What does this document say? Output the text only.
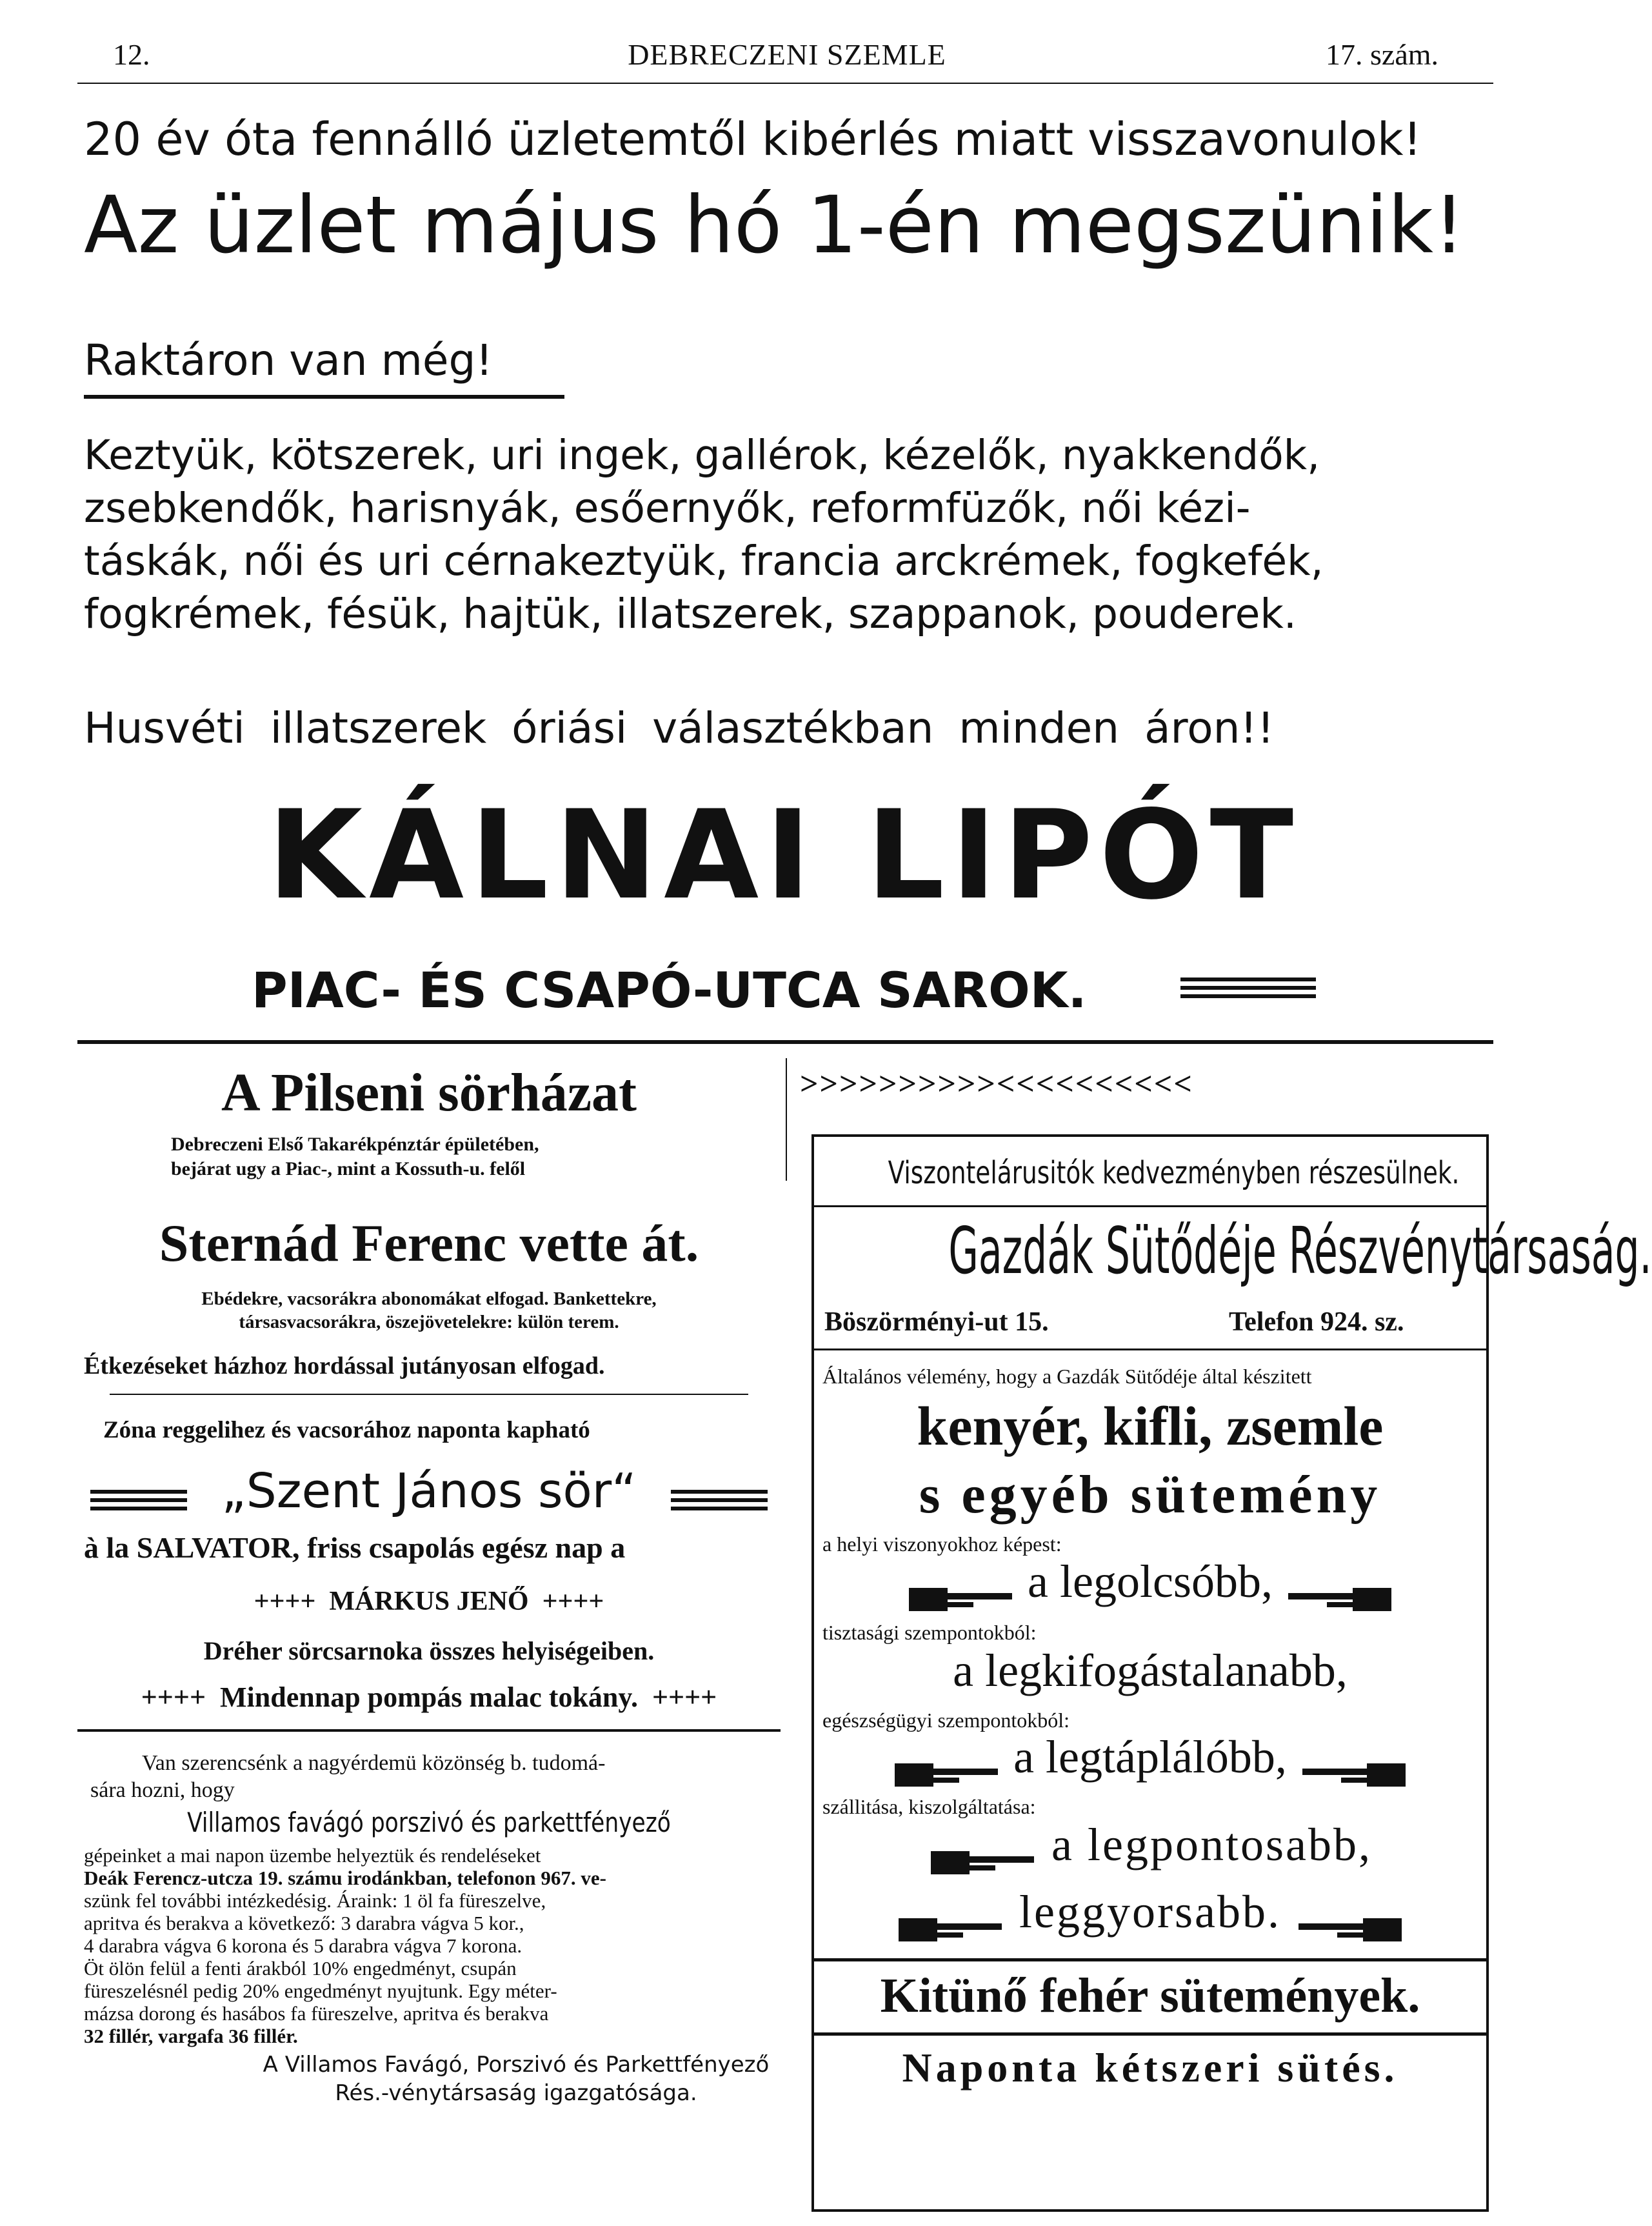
12.	DEBRECZENI SZEMLE	17. szám.
20 év óta fennálló üzletemtől kibérlés miatt visszavonulok!
Az üzlet május hó 1-én megszünik!
Raktáron van még!
Keztyük, kötszerek, uri ingek, gallérok, kézelők, nyakkendők,
zsebkendők, harisnyák, esőernyők, reformfüzők, női kézi-
táskák, női és uri cérnakeztyük, francia arckrémek, fogkefék,
fogkrémek, fésük, hajtük, illatszerek, szappanok, pouderek.
Husvéti illatszerek óriási választékban minden áron!!
KÁLNAI LIPÓT
PIAC- ÉS CSAPÓ-UTCA SAROK.
A Pilseni sörházat
Debreczeni Első Takarékpénztár épületében,
bejárat ugy a Piac-, mint a Kossuth-u. felől
Sternád Ferenc vette át.
Ebédekre, vacsorákra abonomákat elfogad. Bankettekre,
társasvacsorákra, öszejövetelekre: külön terem.
Étkezéseket házhoz hordással jutányosan elfogad.
Zóna reggelihez és vacsorához naponta kapható
„Szent János sör“
à la SALVATOR, friss csapolás egész nap a
++++ MÁRKUS JENŐ ++++
Dréher sörcsarnoka összes helyiségeiben.
++++ Mindennap pompás malac tokány. ++++
Van szerencsénk a nagyérdemü közönség b. tudomá-
sára hozni, hogy
Villamos favágó porszivó és parkettfényező
gépeinket a mai napon üzembe helyeztük és rendeléseket
Deák Ferencz-utcza 19. számu irodánkban, telefonon 967. ve-
szünk fel további intézkedésig. Áraink: 1 öl fa füreszelve,
apritva és berakva a következő: 3 darabra vágva 5 kor.,
4 darabra vágva 6 korona és 5 darabra vágva 7 korona.
Öt ölön felül a fenti árakból 10% engedményt, csupán
füreszelésnél pedig 20% engedményt nyujtunk. Egy méter-
mázsa dorong és hasábos fa füreszelve, apritva és berakva
32 fillér, vargafa 36 fillér.
A Villamos Favágó, Porszivó és Parkettfényező
Rés.-vénytársaság igazgatósága.
>>>>>>>>>><<<<<<<<<<
Viszontelárusitók kedvezményben részesülnek.
Gazdák Sütődéje Részvénytársaság.
Böszörményi-ut 15.	Telefon 924. sz.
Általános vélemény, hogy a Gazdák Sütődéje által készitett
kenyér, kifli, zsemle
s egyéb sütemény
a helyi viszonyokhoz képest:
a legolcsóbb,
tisztasági szempontokból:
a legkifogástalanabb,
egészségügyi szempontokból:
a legtáplálóbb,
szállitása, kiszolgáltatása:
a legpontosabb,
leggyorsabb.
Kitünő fehér sütemények.
Naponta kétszeri sütés.
